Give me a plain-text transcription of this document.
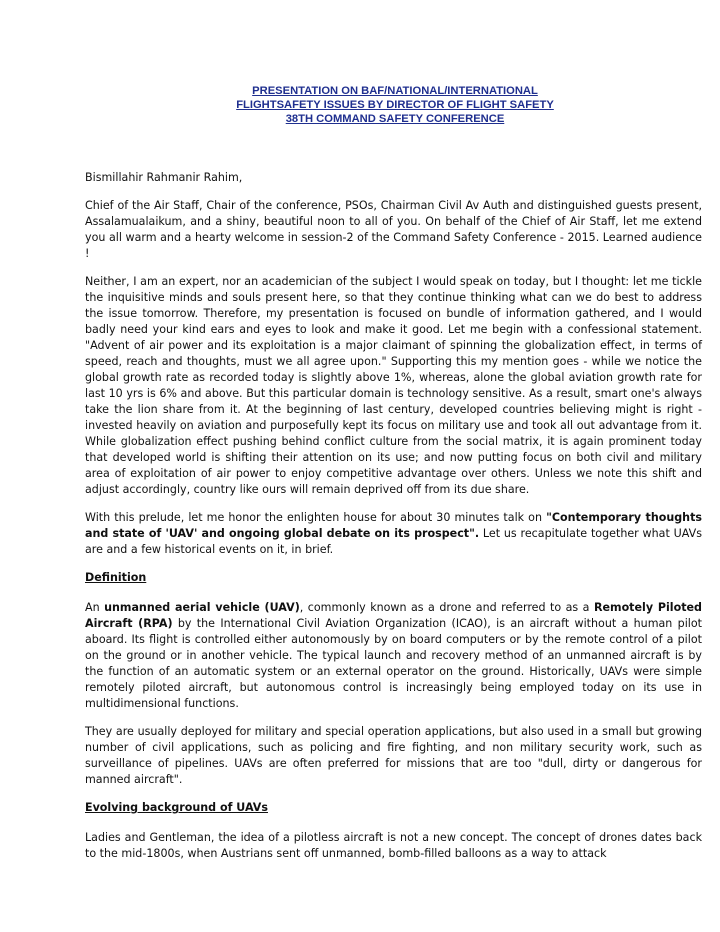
PRESENTATION ON BAF/NATIONAL/INTERNATIONAL
FLIGHTSAFETY ISSUES BY DIRECTOR OF FLIGHT SAFETY
38TH COMMAND SAFETY CONFERENCE

Bismillahir Rahmanir Rahim,

Chief of the Air Staff, Chair of the conference, PSOs, Chairman Civil Av Auth and distinguished guests present, Assalamualaikum, and a shiny, beautiful noon to all of you. On behalf of the Chief of Air Staff, let me extend you all warm and a hearty welcome in session-2 of the Command Safety Conference - 2015. Learned audience !

Neither, I am an expert, nor an academician of the subject I would speak on today, but I thought: let me tickle the inquisitive minds and souls present here, so that they continue thinking what can we do best to address the issue tomorrow. Therefore, my presentation is focused on bundle of information gathered, and I would badly need your kind ears and eyes to look and make it good. Let me begin with a confessional statement. "Advent of air power and its exploitation is a major claimant of spinning the globalization effect, in terms of speed, reach and thoughts, must we all agree upon." Supporting this my mention goes - while we notice the global growth rate as recorded today is slightly above 1%, whereas, alone the global aviation growth rate for last 10 yrs is 6% and above. But this particular domain is technology sensitive. As a result, smart one's always take the lion share from it. At the beginning of last century, developed countries believing might is right -invested heavily on aviation and purposefully kept its focus on military use and took all out advantage from it. While globalization effect pushing behind conflict culture from the social matrix, it is again prominent today that developed world is shifting their attention on its use; and now putting focus on both civil and military area of exploitation of air power to enjoy competitive advantage over others. Unless we note this shift and adjust accordingly, country like ours will remain deprived off from its due share.

With this prelude, let me honor the enlighten house for about 30 minutes talk on "Contemporary thoughts and state of 'UAV' and ongoing global debate on its prospect". Let us recapitulate together what UAVs are and a few historical events on it, in brief.

Definition

An unmanned aerial vehicle (UAV), commonly known as a drone and referred to as a Remotely Piloted Aircraft (RPA) by the International Civil Aviation Organization (ICAO), is an aircraft without a human pilot aboard. Its flight is controlled either autonomously by on board computers or by the remote control of a pilot on the ground or in another vehicle. The typical launch and recovery method of an unmanned aircraft is by the function of an automatic system or an external operator on the ground. Historically, UAVs were simple remotely piloted aircraft, but autonomous control is increasingly being employed today on its use in multidimensional functions.

They are usually deployed for military and special operation applications, but also used in a small but growing number of civil applications, such as policing and fire fighting, and non military security work, such as surveillance of pipelines. UAVs are often preferred for missions that are too "dull, dirty or dangerous for manned aircraft".

Evolving background of UAVs

Ladies and Gentleman, the idea of a pilotless aircraft is not a new concept. The concept of drones dates back to the mid-1800s, when Austrians sent off unmanned, bomb-filled balloons as a way to attack
